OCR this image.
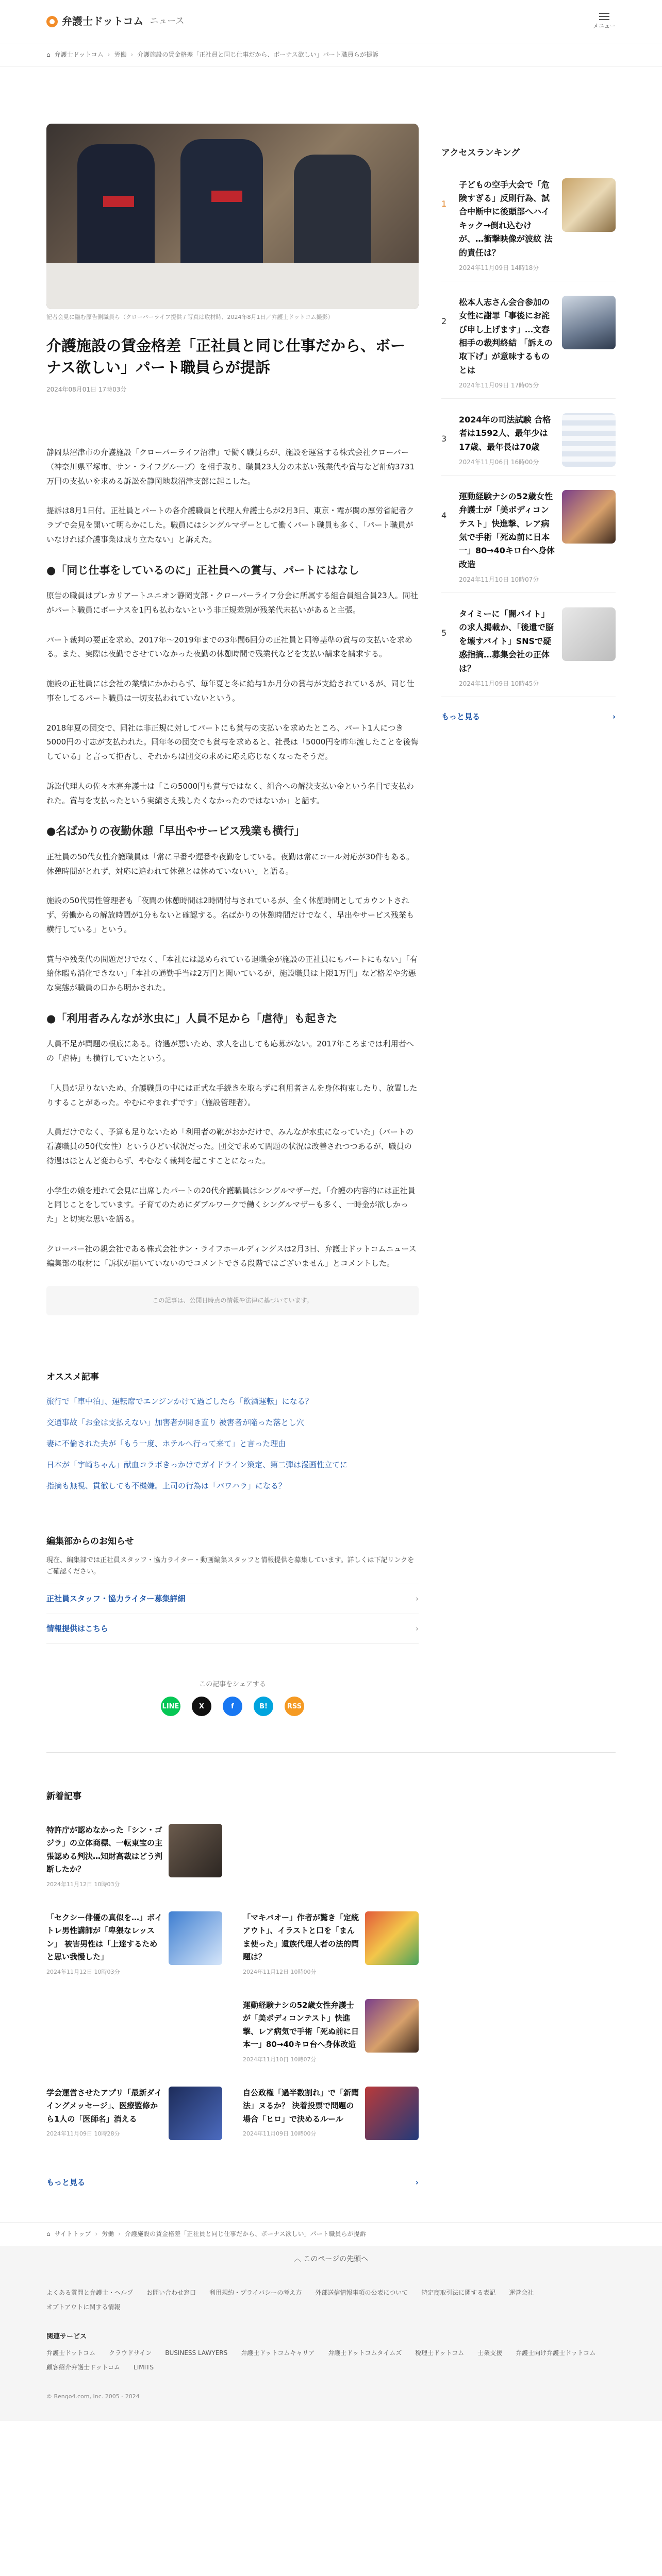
弁護士ドットコム ニュース
メニュー
⌂ 弁護士ドットコム › 労働 › 介護施設の賃金格差「正社員と同じ仕事だから、ボーナス欲しい」パート職員らが提訴

記者会見に臨む原告側職員ら（クローバーライフ提供 / 写真は取材時、2024年8月1日／弁護士ドットコム撮影）

介護施設の賃金格差「正社員と同じ仕事だから、ボーナス欲しい」パート職員らが提訴
2024年08月01日 17時03分

静岡県沼津市の介護施設「クローバーライフ沼津」で働く職員らが、施設を運営する株式会社クローバー（神奈川県平塚市、サン・ライフグループ）を相手取り、職員23人分の未払い残業代や賞与など計約3731万円の支払いを求める訴訟を静岡地裁沼津支部に起こした。

提訴は8月1日付。正社員とパートの各介護職員と代理人弁護士らが2月3日、東京・霞が関の厚労省記者クラブで会見を開いて明らかにした。職員にはシングルマザーとして働くパート職員も多く、「パート職員がいなければ介護事業は成り立たない」と訴えた。

●「同じ仕事をしているのに」正社員への賞与、パートにはなし

原告の職員はプレカリアートユニオン静岡支部・クローバーライフ分会に所属する組合員組合員23人。同社がパート職員にボーナスを1円も払わないという非正規差別が残業代未払いがあると主張。

パート裁判の要正を求め、2017年〜2019年までの3年間6回分の正社員と同等基準の賞与の支払いを求める。また、実際は夜勤でさせていなかった夜勤の休憩時間で残業代などを支払い請求を請求する。

施設の正社員には会社の業績にかかわらず、毎年夏と冬に給与1か月分の賞与が支給されているが、同じ仕事をしてるパート職員は一切支払われていないという。

2018年夏の団交で、同社は非正規に対してパートにも賞与の支払いを求めたところ、パート1人につき5000円の寸志が支払われた。同年冬の団交でも賞与を求めると、社長は「5000円を昨年渡したことを後悔している」と言って拒否し、それからは団交の求めに応え応じなくなったそうだ。

訴訟代理人の佐々木亮弁護士は「この5000円も賞与ではなく、組合への解決支払い金という名目で支払われた。賞与を支払ったという実績さえ残したくなかったのではないか」と話す。

●名ばかりの夜勤休憩「早出やサービス残業も横行」

正社員の50代女性介護職員は「常に早番や遅番や夜勤をしている。夜勤は常にコール対応が30件もある。休憩時間がとれず、対応に追われて休憩とは休めていないい」と語る。

施設の50代男性管理者も「夜間の休憩時間は2時間付与されているが、全く休憩時間としてカウントされず、労働からの解放時間が1分もないと確認する。名ばかりの休憩時間だけでなく、早出やサービス残業も横行している」という。

賞与や残業代の問題だけでなく、「本社には認められている退職金が施設の正社員にもパートにもない」「有給休暇も消化できない」「本社の通勤手当は2万円と聞いているが、施設職員は上限1万円」など格差や劣悪な実態が職員の口から明かされた。

●「利用者みんなが氷虫に」人員不足から「虐待」も起きた

人員不足が問題の根底にある。待遇が悪いため、求人を出しても応募がない。2017年ころまでは利用者への「虐待」も横行していたという。

「人員が足りないため、介護職員の中には正式な手続きを取らずに利用者さんを身体拘束したり、放置したりすることがあった。やむにやまれずです」（施設管理者）。

人員だけでなく、予算も足りないため「利用者の靴がおかだけで、みんなが水虫になっていた」（パートの看護職員の50代女性）というひどい状況だった。団交で求めて問題の状況は改善されつつあるが、職員の待遇はほとんど変わらず、やむなく裁判を起こすことになった。

小学生の娘を連れて会見に出席したパートの20代介護職員はシングルマザーだ。「介護の内容的には正社員と同じことをしています。子育てのためにダブルワークで働くシングルマザーも多く、一時金が欲しかった」と切実な思いを語る。

クローバー社の親会社である株式会社サン・ライフホールディングスは2月3日、弁護士ドットコムニュース編集部の取材に「訴状が届いていないのでコメントできる段階ではございません」とコメントした。

この記事は、公開日時点の情報や法律に基づいています。
オススメ記事
旅行で「車中泊」、運転席でエンジンかけて過ごしたら「飲酒運転」になる？
交通事故「お金は支払えない」加害者が開き直り 被害者が陥った落とし穴
妻に不倫された夫が「もう一度、ホテルへ行って来て」と言った理由
日本が「宇崎ちゃん」献血コラボきっかけでガイドライン策定、第二弾は漫画性立てに
指摘も無視、貫徹しても不機嫌。上司の行為は「パワハラ」になる？
編集部からのお知らせ

現在、編集部では正社員スタッフ・協力ライター・動画編集スタッフと情報提供を募集しています。詳しくは下記リンクをご確認ください。

正社員スタッフ・協力ライター募集詳細	›
情報提供はこちら	›
この記事をシェアする
LINE	X	f	B!	RSS
アクセスランキング
1
子どもの空手大会で「危険すぎる」反則行為、試合中断中に後頭部へハイキック→倒れ込むけが、…衝撃映像が波紋 法的責任は？
2024年11月09日 14時18分
2
松本人志さん会合参加の女性に謝罪「事後にお詫び申し上げます」…文春相手の裁判終結 「訴えの取下げ」が意味するものとは
2024年11月09日 17時05分
3
2024年の司法試験 合格者は1592人、最年少は17歳、最年長は70歳
2024年11月06日 16時00分
4
運動経験ナシの52歳女性弁護士が「美ボディコンテスト」快進撃、レア病気で手術「死ぬ前に日本一」80→40キロ台へ身体改造
2024年11月10日 10時07分
5
タイミーに「闇バイト」の求人掲載か、「後遺で脳を壊すバイト」SNSで疑惑指摘…募集会社の正体は？
2024年11月09日 10時45分
もっと見る	›
新着記事
特許庁が認めなかった「シン・ゴジラ」の立体商標、一転東宝の主張認める判決…知財高裁はどう判断したか？
2024年11月12日 10時03分
「セクシー俳優の真似を…」ボイトレ男性講師が「卑猥なレッスン」 被害男性は「上達するためと思い我慢した」
2024年11月12日 10時03分
「マキバオー」作者が驚き「定統アウト」、イラストと口を「まんま使った」遺族代理人者の法的問題は？
2024年11月12日 10時00分
運動経験ナシの52歳女性弁護士が「美ボディコンテスト」快進撃、レア病気で手術「死ぬ前に日本一」80→40キロ台へ身体改造
2024年11月10日 10時07分
学会運営させたアプリ「最新ダイイングメッセージ」、医療監修から1人の「医師名」消える
2024年11月09日 10時28分
自公政権「過半数割れ」で「新聞法」ヌるか？ 決着投票で問題の場合「ヒロ」で決めるルール
2024年11月09日 10時00分
もっと見る	›
⌂ サイトトップ › 労働 › 介護施設の賃金格差「正社員と同じ仕事だから、ボーナス欲しい」パート職員らが提訴
︿ このページの先頭へ
よくある質問と弁護士・ヘルプ お問い合わせ窓口 利用規約・プライバシーの考え方 外部送信情報事項の公表について 特定商取引法に関する表記 運営会社
オプトアウトに関する情報
関連サービス
弁護士ドットコム クラウドサイン BUSINESS LAWYERS 弁護士ドットコムキャリア 弁護士ドットコムタイムズ 税理士ドットコム 士業支援 弁護士向け弁護士ドットコム
顧客紹介弁護士ドットコム LIMITS
© Bengo4.com, Inc. 2005 - 2024
